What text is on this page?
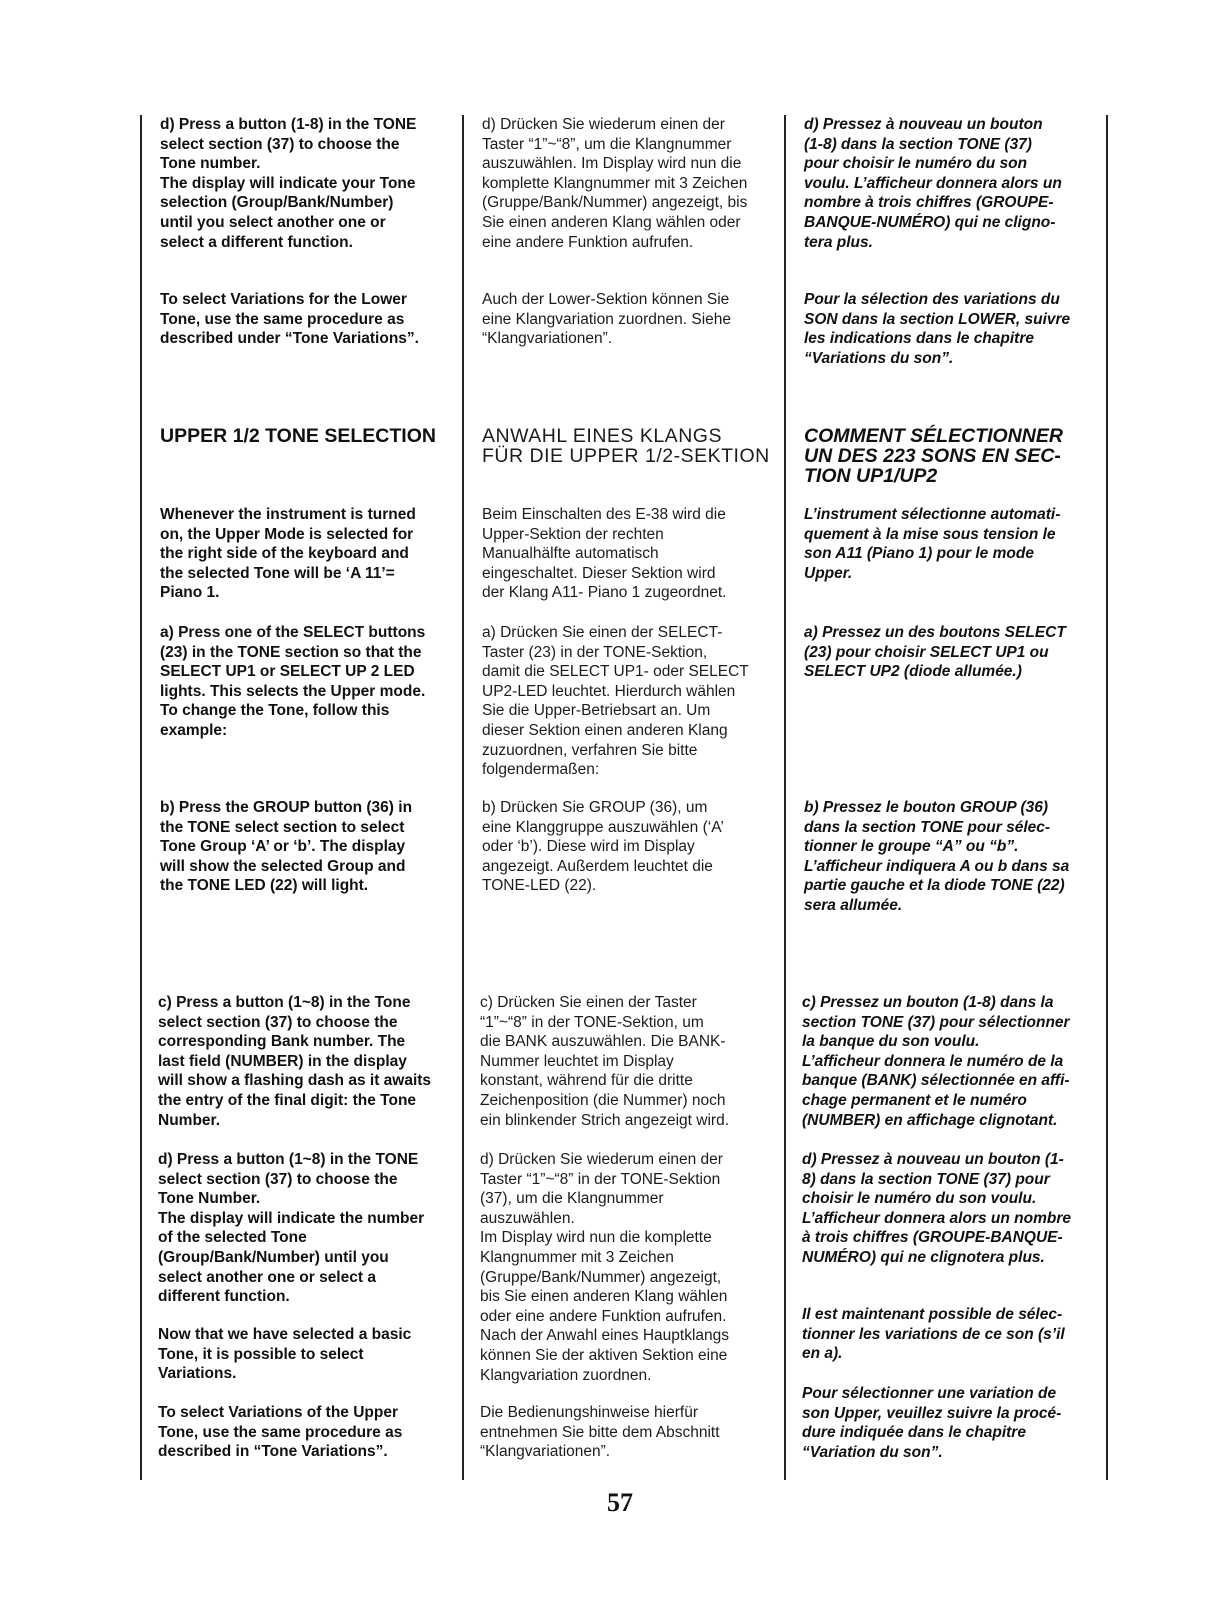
d) Press a button (1-8) in the TONE
select section (37) to choose the
Tone number.
The display will indicate your Tone
selection (Group/Bank/Number)
until you select another one or
select a different function.

To select Variations for the Lower
Tone, use the same procedure as
described under “Tone Variations”.

UPPER 1/2 TONE SELECTION

Whenever the instrument is turned
on, the Upper Mode is selected for
the right side of the keyboard and
the selected Tone will be ‘A 11’=
Piano 1.

a) Press one of the SELECT buttons
(23) in the TONE section so that the
SELECT UP1 or SELECT UP 2 LED
lights. This selects the Upper mode.
To change the Tone, follow this
example:

b) Press the GROUP button (36) in
the TONE select section to select
Tone Group ‘A’ or ‘b’. The display
will show the selected Group and
the TONE LED (22) will light.

c) Press a button (1~8) in the Tone
select section (37) to choose the
corresponding Bank number. The
last field (NUMBER) in the display
will show a flashing dash as it awaits
the entry of the final digit: the Tone
Number.

d) Press a button (1~8) in the TONE
select section (37) to choose the
Tone Number.
The display will indicate the number
of the selected Tone
(Group/Bank/Number) until you
select another one or select a
different function.

Now that we have selected a basic
Tone, it is possible to select
Variations.

To select Variations of the Upper
Tone, use the same procedure as
described in “Tone Variations”.

d) Drücken Sie wiederum einen der
Taster “1”~“8”, um die Klangnummer
auszuwählen. Im Display wird nun die
komplette Klangnummer mit 3 Zeichen
(Gruppe/Bank/Nummer) angezeigt, bis
Sie einen anderen Klang wählen oder
eine andere Funktion aufrufen.

Auch der Lower-Sektion können Sie
eine Klangvariation zuordnen. Siehe
“Klangvariationen”.

ANWAHL EINES KLANGS
FÜR DIE UPPER 1/2-SEKTION

Beim Einschalten des E-38 wird die
Upper-Sektion der rechten
Manualhälfte automatisch
eingeschaltet. Dieser Sektion wird
der Klang A11- Piano 1 zugeordnet.

a) Drücken Sie einen der SELECT-
Taster (23) in der TONE-Sektion,
damit die SELECT UP1- oder SELECT
UP2-LED leuchtet. Hierdurch wählen
Sie die Upper-Betriebsart an. Um
dieser Sektion einen anderen Klang
zuzuordnen, verfahren Sie bitte
folgendermaßen:

b) Drücken Sie GROUP (36), um
eine Klanggruppe auszuwählen (‘A’
oder ‘b’). Diese wird im Display
angezeigt. Außerdem leuchtet die
TONE-LED (22).

c) Drücken Sie einen der Taster
“1”~“8” in der TONE-Sektion, um
die BANK auszuwählen. Die BANK-
Nummer leuchtet im Display
konstant, während für die dritte
Zeichenposition (die Nummer) noch
ein blinkender Strich angezeigt wird.

d) Drücken Sie wiederum einen der
Taster “1”~“8” in der TONE-Sektion
(37), um die Klangnummer
auszuwählen.
Im Display wird nun die komplette
Klangnummer mit 3 Zeichen
(Gruppe/Bank/Nummer) angezeigt,
bis Sie einen anderen Klang wählen
oder eine andere Funktion aufrufen.
Nach der Anwahl eines Hauptklangs
können Sie der aktiven Sektion eine
Klangvariation zuordnen.

Die Bedienungshinweise hierfür
entnehmen Sie bitte dem Abschnitt
“Klangvariationen”.

d) Pressez à nouveau un bouton
(1-8) dans la section TONE (37)
pour choisir le numéro du son
voulu. L’afficheur donnera alors un
nombre à trois chiffres (GROUPE-
BANQUE-NUMÉRO) qui ne cligno-
tera plus.

Pour la sélection des variations du
SON dans la section LOWER, suivre
les indications dans le chapitre
“Variations du son”.

COMMENT SÉLECTIONNER
UN DES 223 SONS EN SEC-
TION UP1/UP2

L’instrument sélectionne automati-
quement à la mise sous tension le
son A11 (Piano 1) pour le mode
Upper.

a) Pressez un des boutons SELECT
(23) pour choisir SELECT UP1 ou
SELECT UP2 (diode allumée.)

b) Pressez le bouton GROUP (36)
dans la section TONE pour sélec-
tionner le groupe “A” ou “b”.
L’afficheur indiquera A ou b dans sa
partie gauche et la diode TONE (22)
sera allumée.

c) Pressez un bouton (1-8) dans la
section TONE (37) pour sélectionner
la banque du son voulu.
L’afficheur donnera le numéro de la
banque (BANK) sélectionnée en affi-
chage permanent et le numéro
(NUMBER) en affichage clignotant.

d) Pressez à nouveau un bouton (1-
8) dans la section TONE (37) pour
choisir le numéro du son voulu.
L’afficheur donnera alors un nombre
à trois chiffres (GROUPE-BANQUE-
NUMÉRO) qui ne clignotera plus.

Il est maintenant possible de sélec-
tionner les variations de ce son (s’il
en a).

Pour sélectionner une variation de
son Upper, veuillez suivre la procé-
dure indiquée dans le chapitre
“Variation du son”.

57
